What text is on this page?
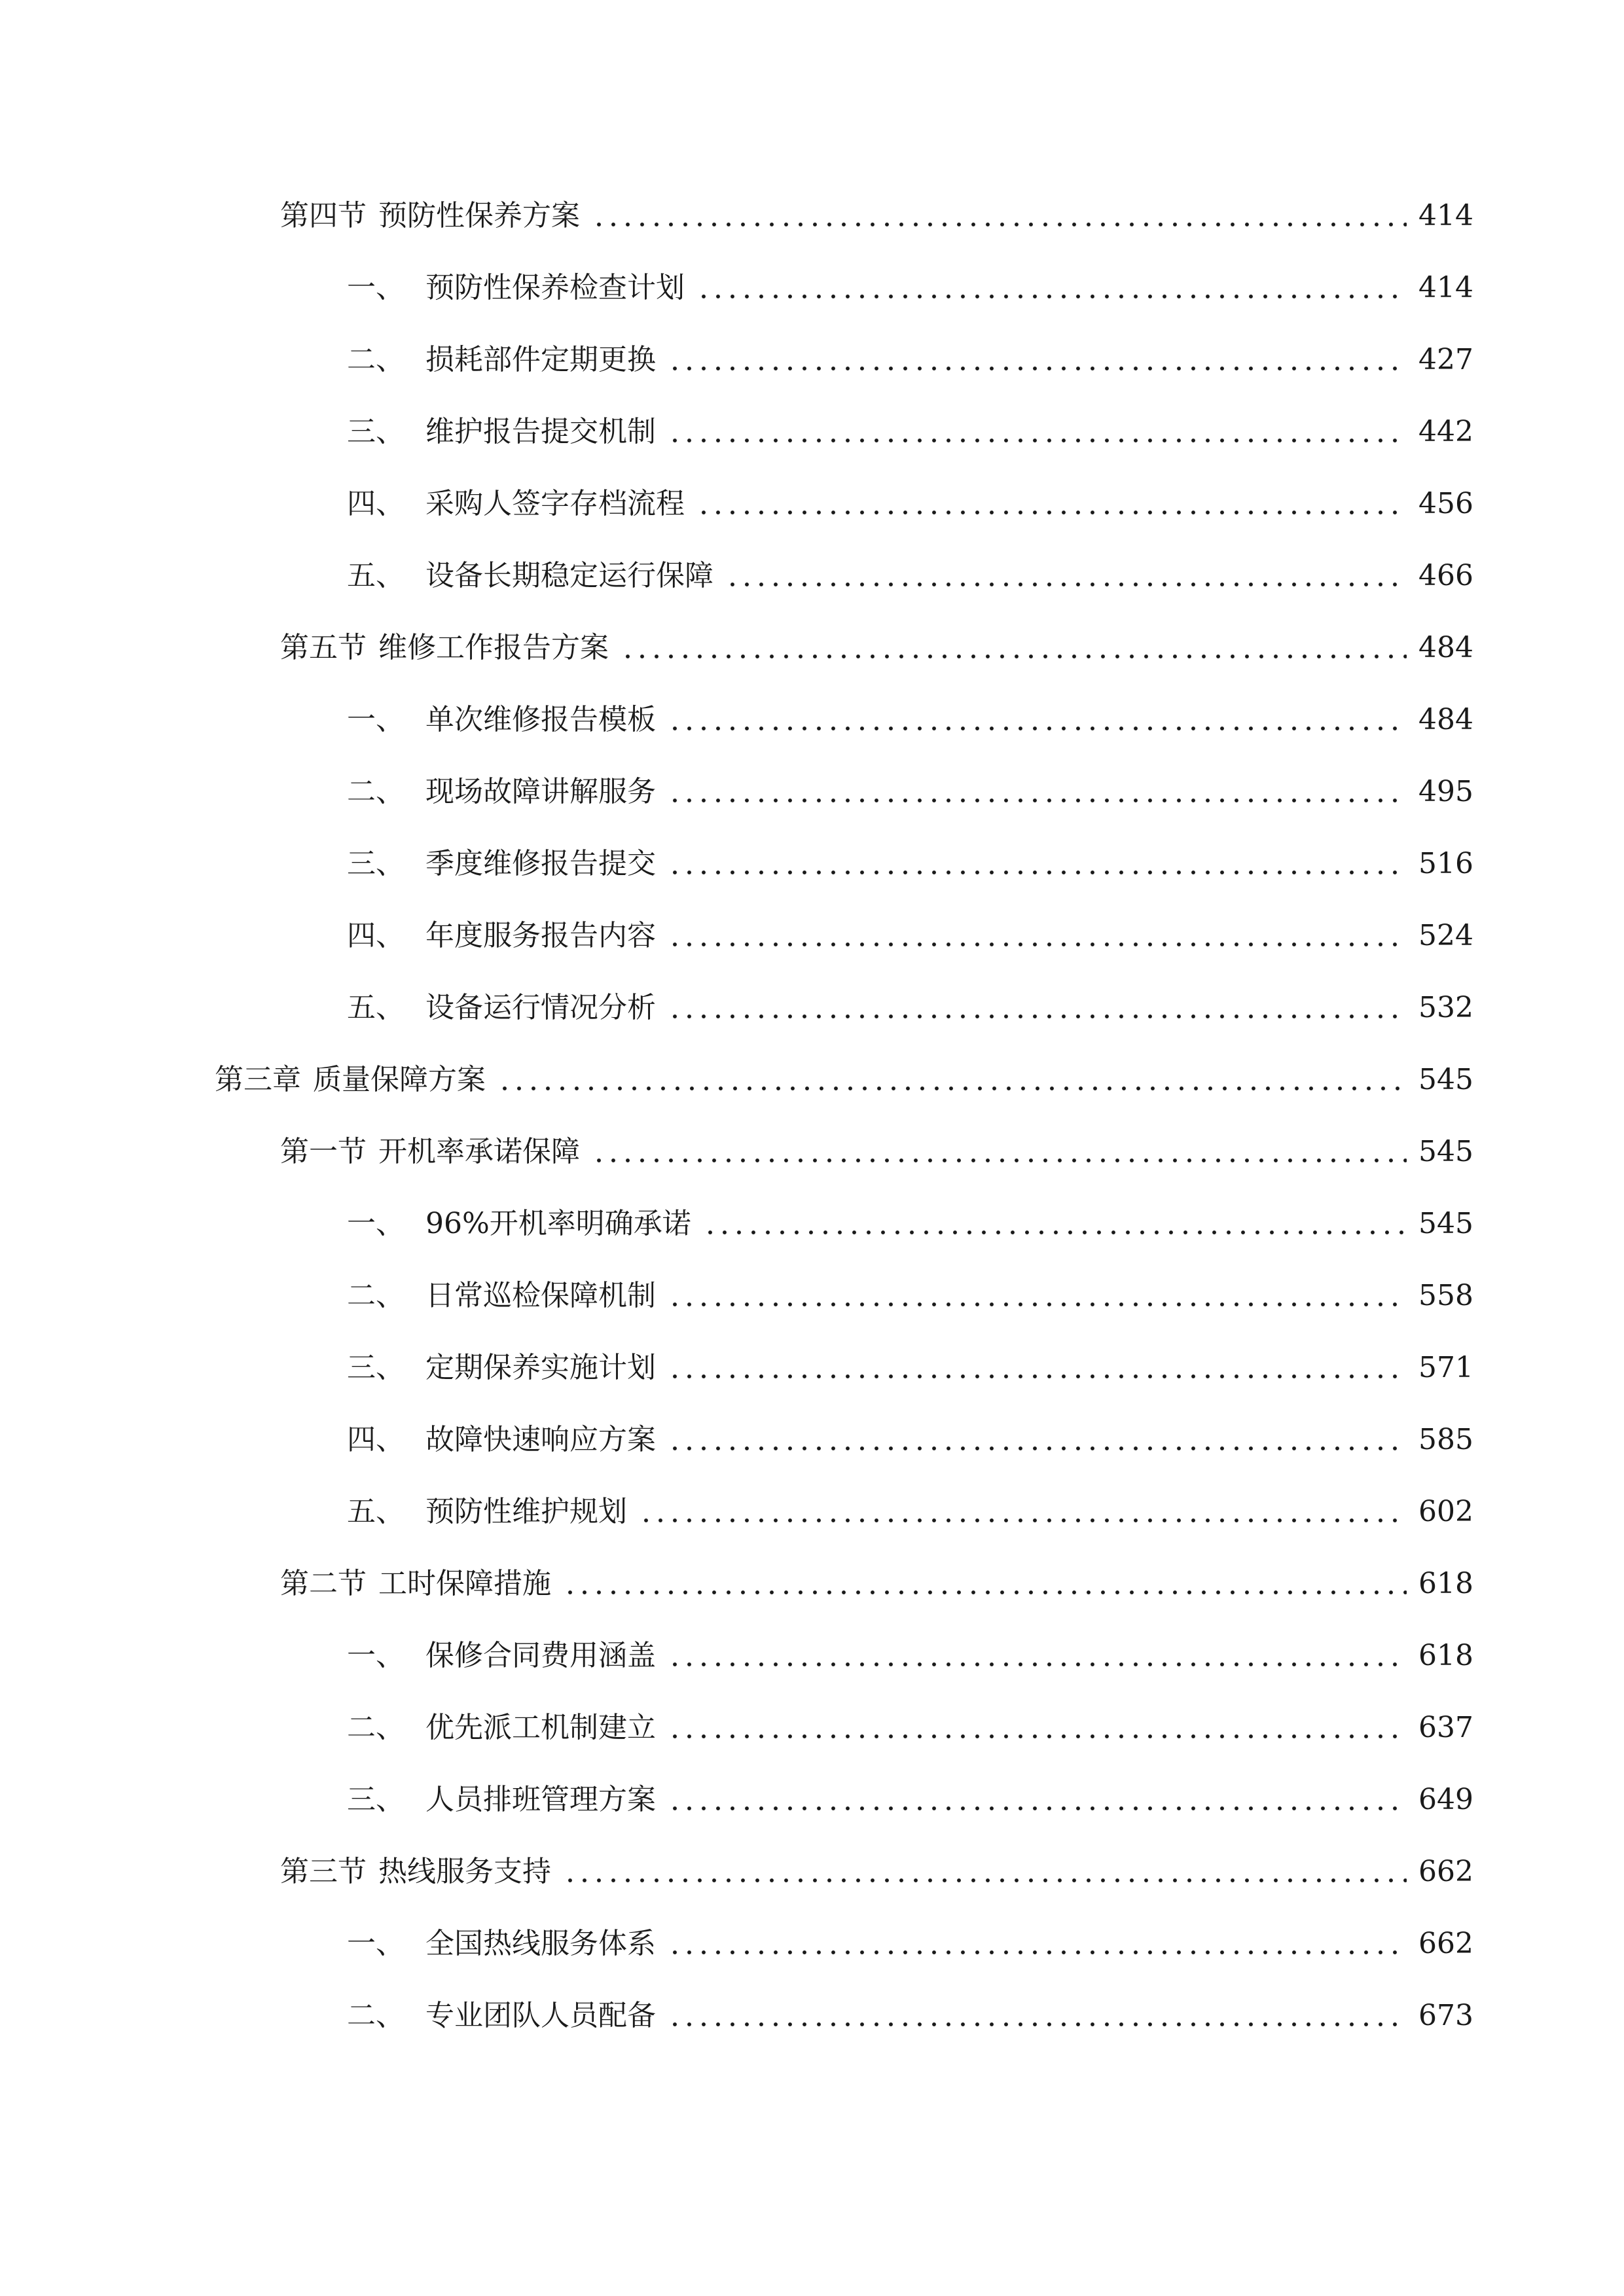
第四节 预防性保养方案	414
一、 预防性保养检查计划	414
二、 损耗部件定期更换	427
三、 维护报告提交机制	442
四、 采购人签字存档流程	456
五、 设备长期稳定运行保障	466
第五节 维修工作报告方案	484
一、 单次维修报告模板	484
二、 现场故障讲解服务	495
三、 季度维修报告提交	516
四、 年度服务报告内容	524
五、 设备运行情况分析	532
第三章 质量保障方案	545
第一节 开机率承诺保障	545
一、 96%开机率明确承诺	545
二、 日常巡检保障机制	558
三、 定期保养实施计划	571
四、 故障快速响应方案	585
五、 预防性维护规划	602
第二节 工时保障措施	618
一、 保修合同费用涵盖	618
二、 优先派工机制建立	637
三、 人员排班管理方案	649
第三节 热线服务支持	662
一、 全国热线服务体系	662
二、 专业团队人员配备	673
